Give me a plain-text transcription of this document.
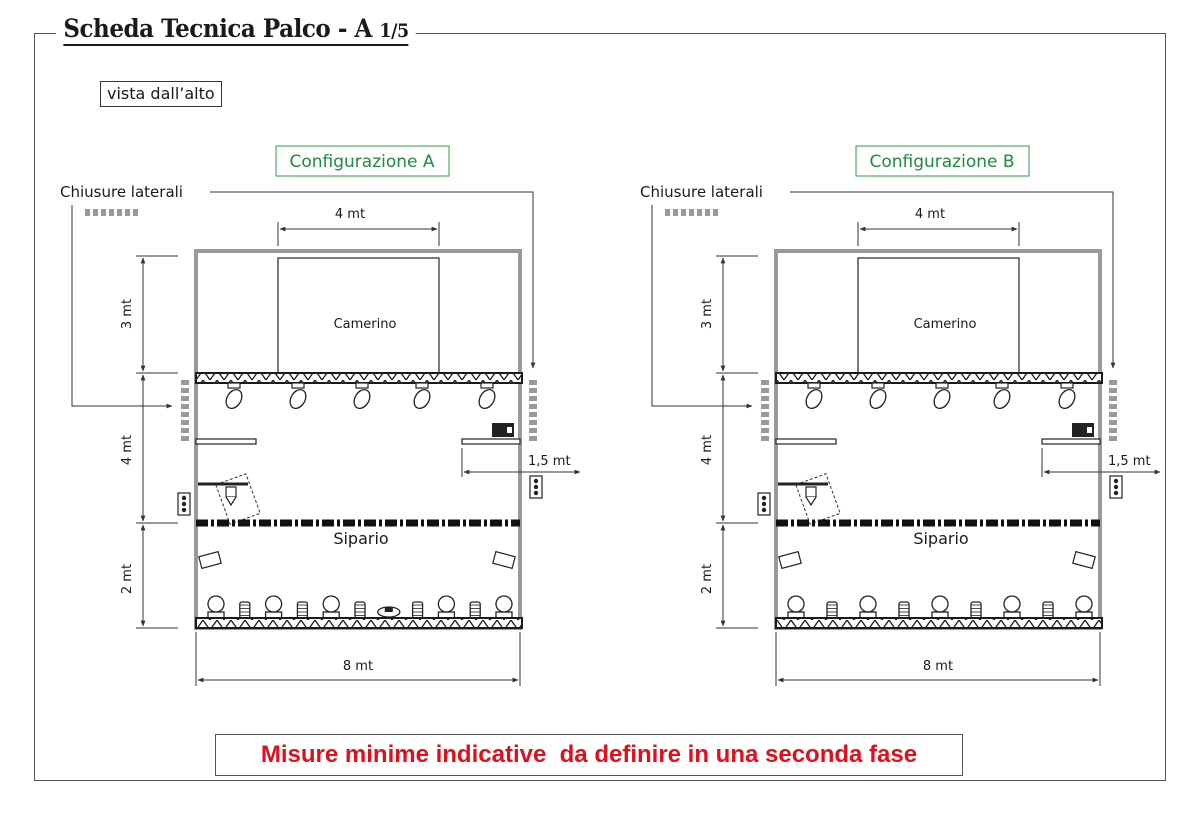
Scheda Tecnica Palco - A 1/5
vista dall’alto
Configurazione A
Chiusure laterali
Camerino
4 mt
1,5 mt
Sipario
3 mt
4 mt
2 mt
8 mt
Configurazione B
Chiusure laterali
Camerino
4 mt
1,5 mt
Sipario
3 mt
4 mt
2 mt
8 mt
Misure minime indicative  da definire in una seconda fase
